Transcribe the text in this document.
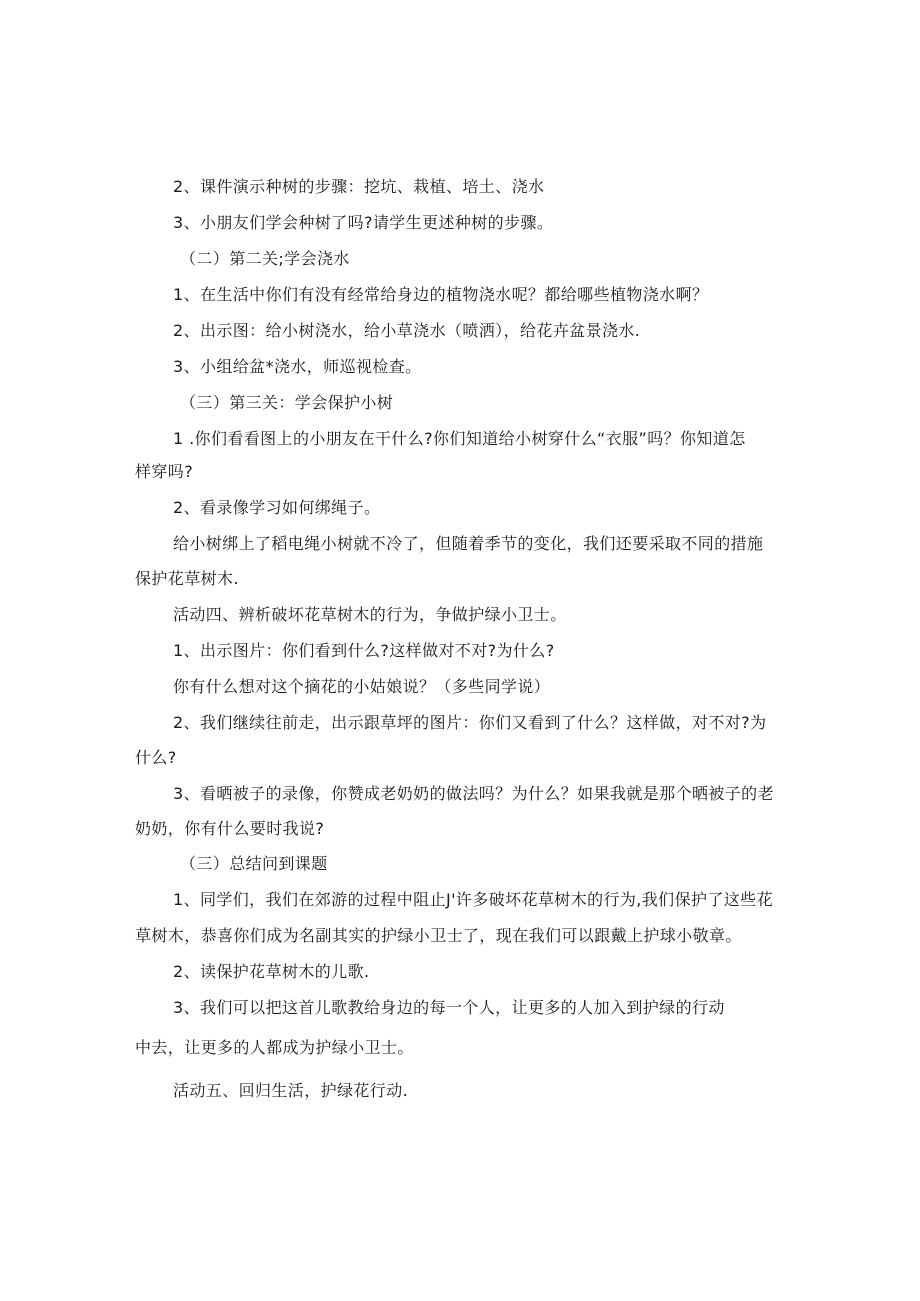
2、课件演示种树的步骤：挖坑、栽植、培土、浇水
3、小朋友们学会种树了吗?请学生更述种树的步骤。
（二）第二关;学会浇水
1、在生活中你们有没有经常给身边的植物浇水呢？都给哪些植物浇水啊？
2、出示图：给小树浇水，给小草浇水（喷洒），给花卉盆景浇水.
3、小组给盆*浇水，师巡视检查。
（三）第三关：学会保护小树
1 .你们看看图上的小朋友在干什么?你们知道给小树穿什么“衣服”吗？你知道怎
样穿吗?
2、看录像学习如何绑绳子。
给小树绑上了稻电绳小树就不冷了，但随着季节的变化，我们还要采取不同的措施
保护花草树木.
活动四、辨析破坏花草树木的行为，争做护绿小卫士。
1、出示图片：你们看到什么?这样做对不对?为什么?
你有什么想对这个摘花的小姑娘说？（多些同学说）
2、我们继续往前走，出示跟草坪的图片：你们又看到了什么？这样做，对不对?为
什么?
3、看晒被子的录像，你赞成老奶奶的做法吗？为什么？如果我就是那个晒被子的老
奶奶，你有什么要时我说?
（三）总结问到课题
1、同学们，我们在郊游的过程中阻止J'许多破坏花草树木的行为,我们保护了这些花
草树木，恭喜你们成为名副其实的护绿小卫士了，现在我们可以跟戴上护球小敬章。
2、读保护花草树木的儿歌.
3、我们可以把这首儿歌教给身边的每一个人，让更多的人加入到护绿的行动
中去，让更多的人都成为护绿小卫士。
活动五、回归生活，护绿花行动.
